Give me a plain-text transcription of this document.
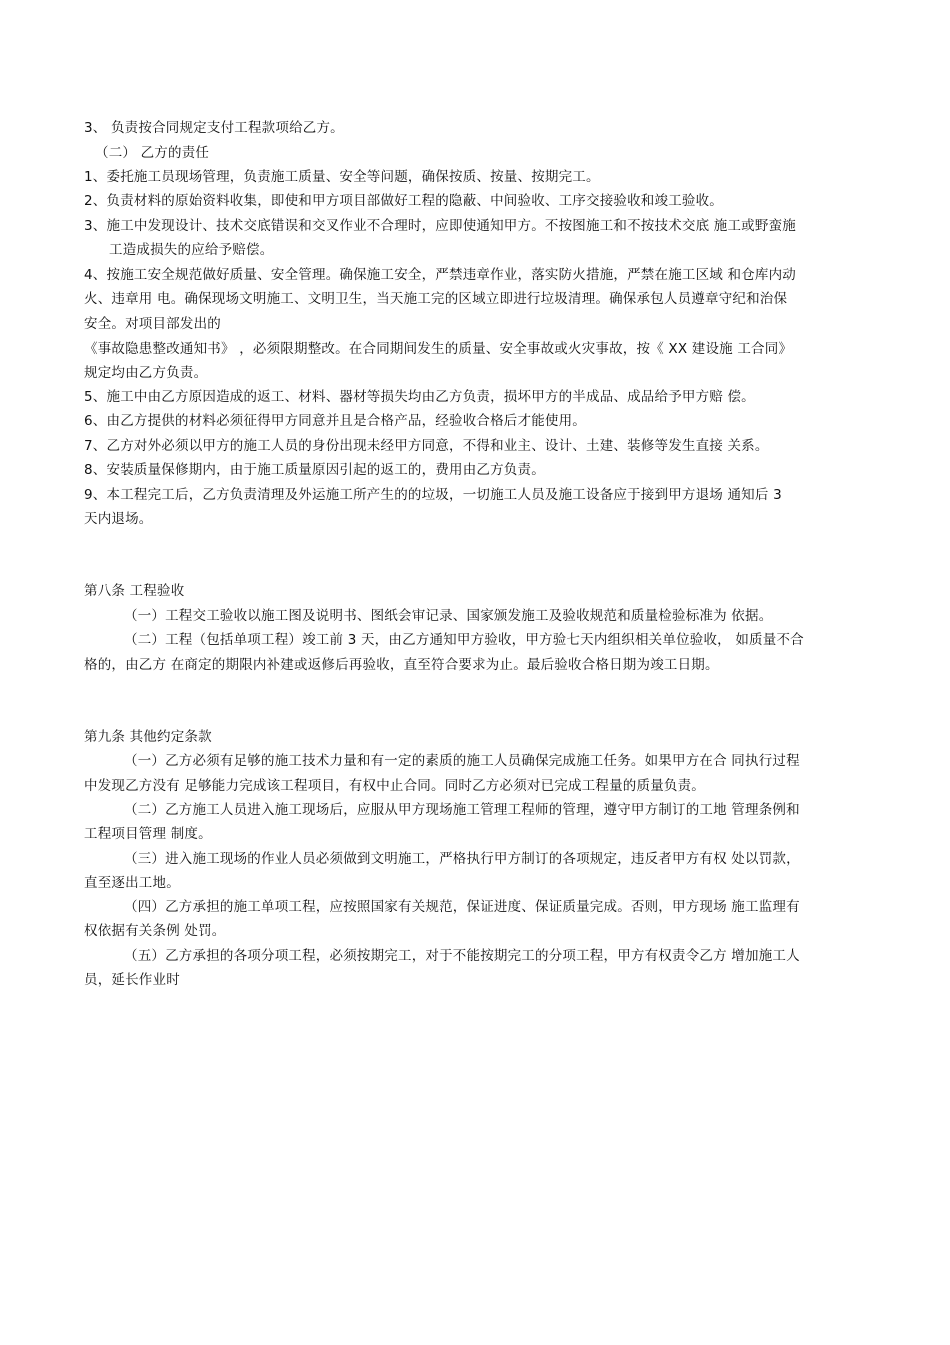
3、 负责按合同规定支付工程款项给乙方。
（二） 乙方的责任
1、委托施工员现场管理，负责施工质量、安全等问题，确保按质、按量、按期完工。
2、负责材料的原始资料收集，即使和甲方项目部做好工程的隐蔽、中间验收、工序交接验收和竣工验收。
3、施工中发现设计、技术交底错误和交叉作业不合理时，应即使通知甲方。不按图施工和不按技术交底 施工或野蛮施
工造成损失的应给予赔偿。
4、按施工安全规范做好质量、安全管理。确保施工安全，严禁违章作业，落实防火措施，严禁在施工区域 和仓库内动
火、违章用 电。确保现场文明施工、文明卫生，当天施工完的区域立即进行垃圾清理。确保承包人员遵章守纪和治保
安全。对项目部发出的
《事故隐患整改通知书》 ，必须限期整改。在合同期间发生的质量、安全事故或火灾事故，按《 XX 建设施 工合同》
规定均由乙方负责。
5、施工中由乙方原因造成的返工、材料、器材等损失均由乙方负责，损坏甲方的半成品、成品给予甲方赔 偿。
6、由乙方提供的材料必须征得甲方同意并且是合格产品，经验收合格后才能使用。
7、乙方对外必须以甲方的施工人员的身份出现未经甲方同意，不得和业主、设计、土建、装修等发生直接 关系。
8、安装质量保修期内，由于施工质量原因引起的返工的，费用由乙方负责。
9、本工程完工后，乙方负责清理及外运施工所产生的的垃圾，一切施工人员及施工设备应于接到甲方退场 通知后 3
天内退场。
第八条 工程验收
（一）工程交工验收以施工图及说明书、图纸会审记录、国家颁发施工及验收规范和质量检验标准为 依据。
（二）工程（包括单项工程）竣工前 3 天，由乙方通知甲方验收，甲方验七天内组织相关单位验收， 如质量不合
格的，由乙方 在商定的期限内补建或返修后再验收，直至符合要求为止。最后验收合格日期为竣工日期。
第九条 其他约定条款
（一）乙方必须有足够的施工技术力量和有一定的素质的施工人员确保完成施工任务。如果甲方在合 同执行过程
中发现乙方没有 足够能力完成该工程项目，有权中止合同。同时乙方必须对已完成工程量的质量负责。
（二）乙方施工人员进入施工现场后，应服从甲方现场施工管理工程师的管理，遵守甲方制订的工地 管理条例和
工程项目管理 制度。
（三）进入施工现场的作业人员必须做到文明施工，严格执行甲方制订的各项规定，违反者甲方有权 处以罚款，
直至逐出工地。
（四）乙方承担的施工单项工程，应按照国家有关规范，保证进度、保证质量完成。否则，甲方现场 施工监理有
权依据有关条例 处罚。
（五）乙方承担的各项分项工程，必须按期完工，对于不能按期完工的分项工程，甲方有权责令乙方 增加施工人
员，延长作业时
